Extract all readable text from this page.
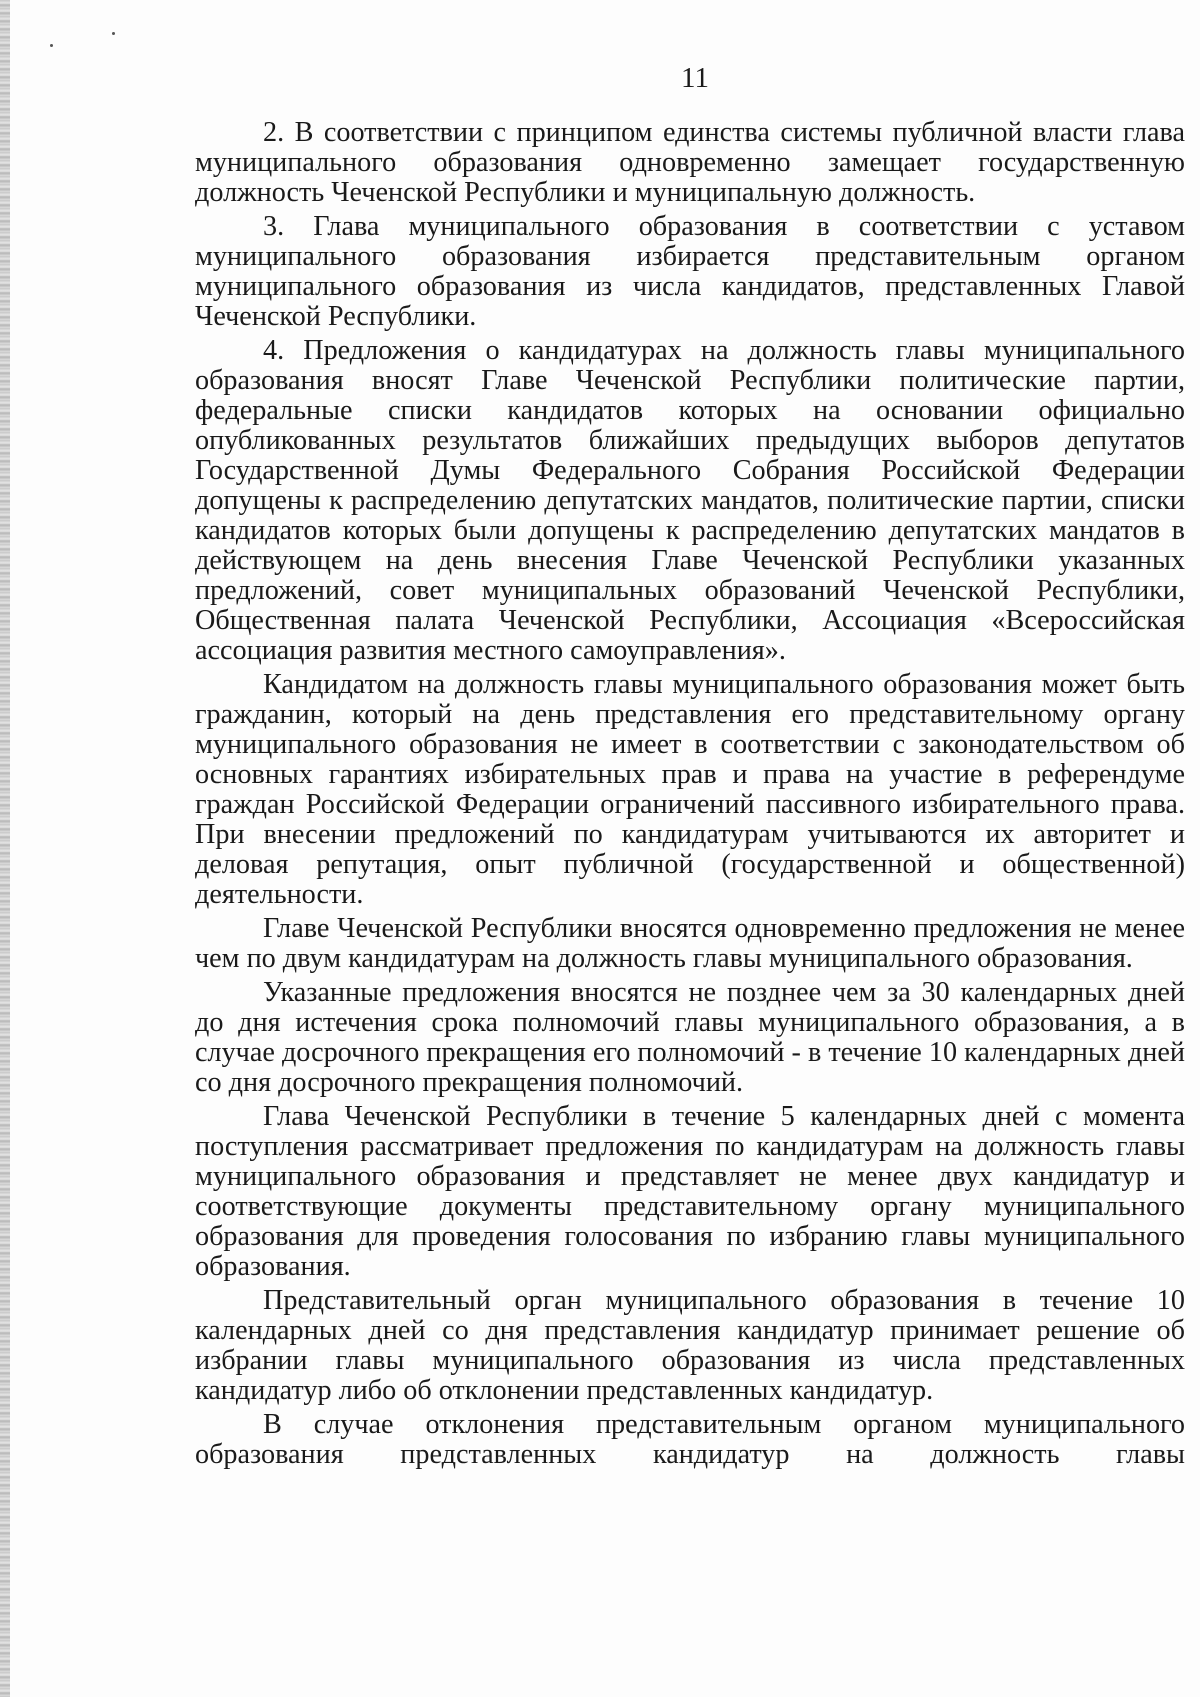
11

2. В соответствии с принципом единства системы публичной власти глава муниципального образования одновременно замещает государственную должность Чеченской Республики и муниципальную должность.

3. Глава муниципального образования в соответствии с уставом муниципального образования избирается представительным органом муниципального образования из числа кандидатов, представленных Главой Чеченской Республики.

4. Предложения о кандидатурах на должность главы муниципального образования вносят Главе Чеченской Республики политические партии, федеральные списки кандидатов которых на основании официально опубликованных результатов ближайших предыдущих выборов депутатов Государственной Думы Федерального Собрания Российской Федерации допущены к распределению депутатских мандатов, политические партии, списки кандидатов которых были допущены к распределению депутатских мандатов в действующем на день внесения Главе Чеченской Республики указанных предложений, совет муниципальных образований Чеченской Республики, Общественная палата Чеченской Республики, Ассоциация «Всероссийская ассоциация развития местного самоуправления».

Кандидатом на должность главы муниципального образования может быть гражданин, который на день представления его представительному органу муниципального образования не имеет в соответствии с законодательством об основных гарантиях избирательных прав и права на участие в референдуме граждан Российской Федерации ограничений пассивного избирательного права. При внесении предложений по кандидатурам учитываются их авторитет и деловая репутация, опыт публичной (государственной и общественной) деятельности.

Главе Чеченской Республики вносятся одновременно предложения не менее чем по двум кандидатурам на должность главы муниципального образования.

Указанные предложения вносятся не позднее чем за 30 календарных дней до дня истечения срока полномочий главы муниципального образования, а в случае досрочного прекращения его полномочий - в течение 10 календарных дней со дня досрочного прекращения полномочий.

Глава Чеченской Республики в течение 5 календарных дней с момента поступления рассматривает предложения по кандидатурам на должность главы муниципального образования и представляет не менее двух кандидатур и соответствующие документы представительному органу муниципального образования для проведения голосования по избранию главы муниципального образования.

Представительный орган муниципального образования в течение 10 календарных дней со дня представления кандидатур принимает решение об избрании главы муниципального образования из числа представленных кандидатур либо об отклонении представленных кандидатур.

В случае отклонения представительным органом муниципального образования представленных кандидатур на должность главы
